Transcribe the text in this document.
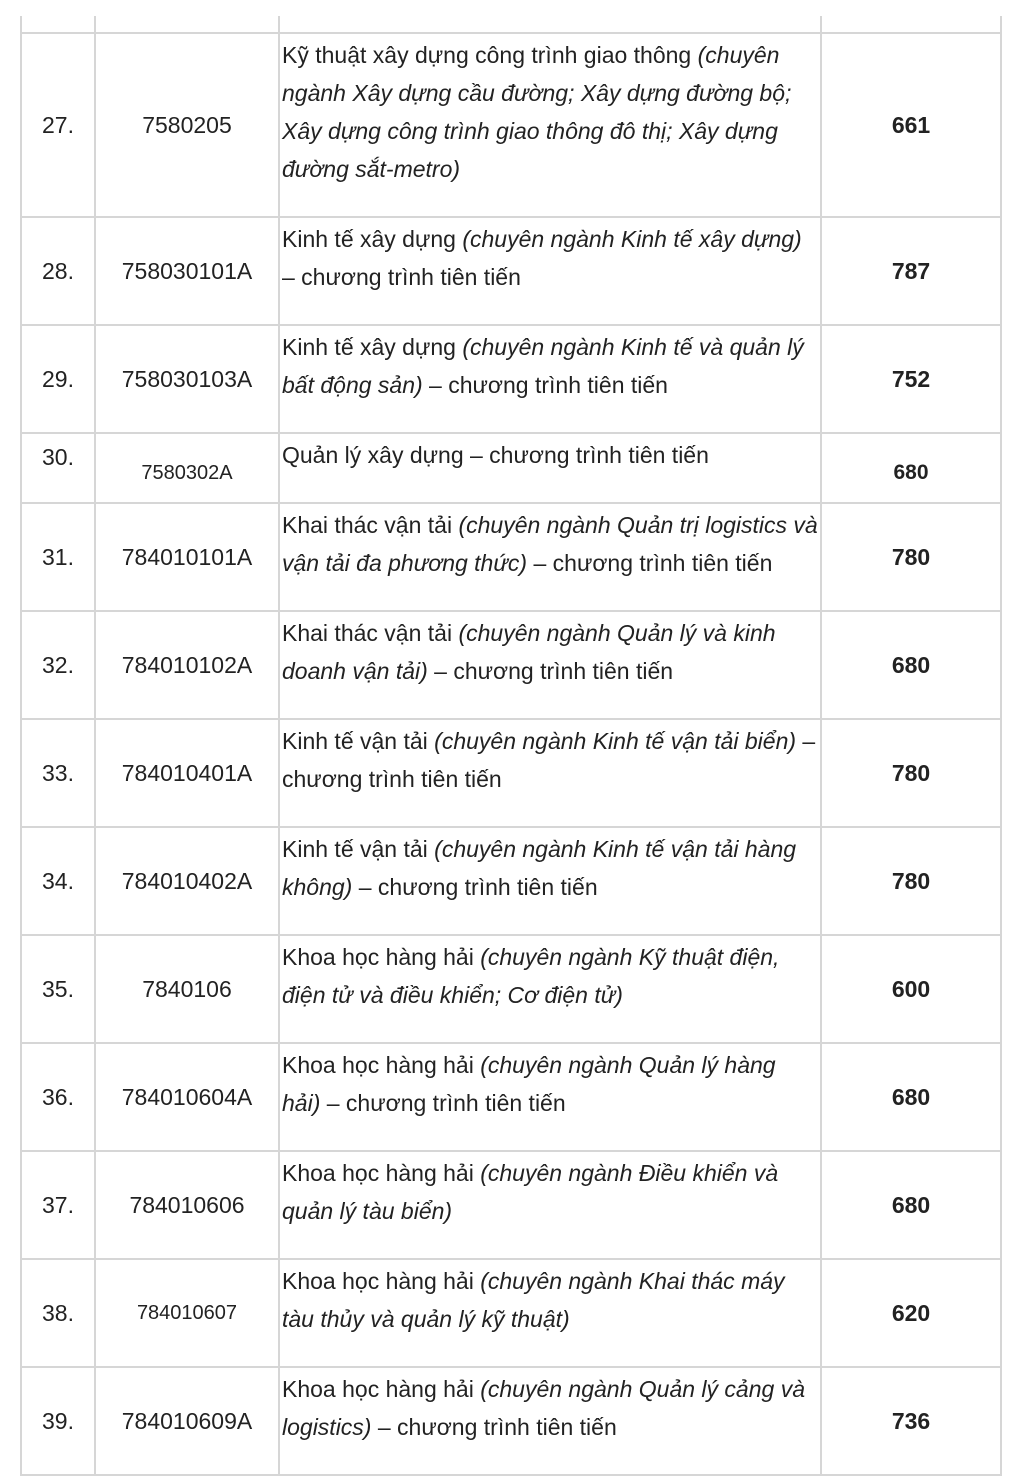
27.	7580205	Kỹ thuật xây dựng công trình giao thông (chuyên ngành Xây dựng cầu đường; Xây dựng đường bộ; Xây dựng công trình giao thông đô thị; Xây dựng đường sắt-metro)	661
28.	758030101A	Kinh tế xây dựng (chuyên ngành Kinh tế xây dựng) – chương trình tiên tiến	787
29.	758030103A	Kinh tế xây dựng (chuyên ngành Kinh tế và quản lý bất động sản) – chương trình tiên tiến	752
30.	7580302A	Quản lý xây dựng – chương trình tiên tiến	680
31.	784010101A	Khai thác vận tải (chuyên ngành Quản trị logistics và vận tải đa phương thức) – chương trình tiên tiến	780
32.	784010102A	Khai thác vận tải (chuyên ngành Quản lý và kinh doanh vận tải) – chương trình tiên tiến	680
33.	784010401A	Kinh tế vận tải (chuyên ngành Kinh tế vận tải biển) – chương trình tiên tiến	780
34.	784010402A	Kinh tế vận tải (chuyên ngành Kinh tế vận tải hàng không) – chương trình tiên tiến	780
35.	7840106	Khoa học hàng hải (chuyên ngành Kỹ thuật điện, điện tử và điều khiển; Cơ điện tử)	600
36.	784010604A	Khoa học hàng hải (chuyên ngành Quản lý hàng hải) – chương trình tiên tiến	680
37.	784010606	Khoa học hàng hải (chuyên ngành Điều khiển và quản lý tàu biển)	680
38.	784010607	Khoa học hàng hải (chuyên ngành Khai thác máy tàu thủy và quản lý kỹ thuật)	620
39.	784010609A	Khoa học hàng hải (chuyên ngành Quản lý cảng và logistics) – chương trình tiên tiến	736
